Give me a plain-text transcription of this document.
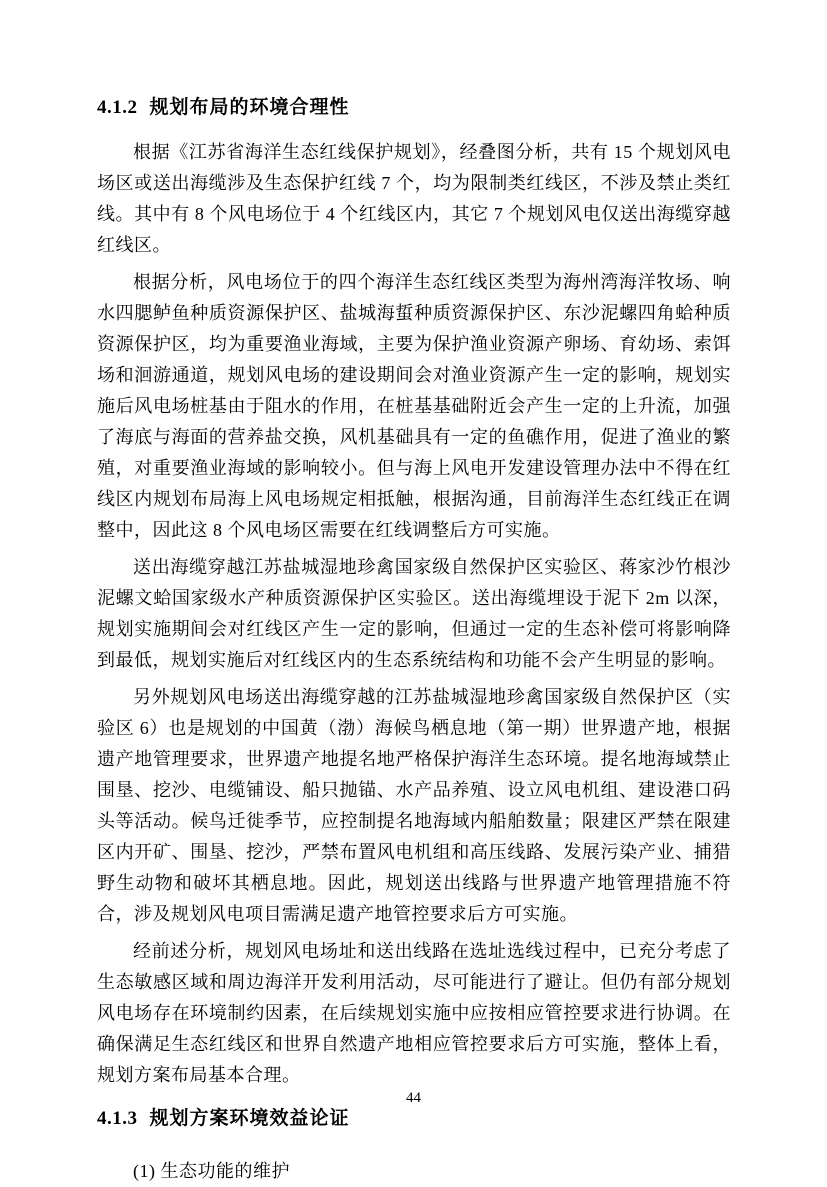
4.1.2 规划布局的环境合理性

根据《江苏省海洋生态红线保护规划》，经叠图分析，共有 15 个规划风电场区或送出海缆涉及生态保护红线 7 个，均为限制类红线区，不涉及禁止类红线。其中有 8 个风电场位于 4 个红线区内，其它 7 个规划风电仅送出海缆穿越红线区。

根据分析，风电场位于的四个海洋生态红线区类型为海州湾海洋牧场、响水四腮鲈鱼种质资源保护区、盐城海蜇种质资源保护区、东沙泥螺四角蛤种质资源保护区，均为重要渔业海域，主要为保护渔业资源产卵场、育幼场、索饵场和洄游通道，规划风电场的建设期间会对渔业资源产生一定的影响，规划实施后风电场桩基由于阻水的作用，在桩基基础附近会产生一定的上升流，加强了海底与海面的营养盐交换，风机基础具有一定的鱼礁作用，促进了渔业的繁殖，对重要渔业海域的影响较小。但与海上风电开发建设管理办法中不得在红线区内规划布局海上风电场规定相抵触，根据沟通，目前海洋生态红线正在调整中，因此这 8 个风电场区需要在红线调整后方可实施。

送出海缆穿越江苏盐城湿地珍禽国家级自然保护区实验区、蒋家沙竹根沙泥螺文蛤国家级水产种质资源保护区实验区。送出海缆埋设于泥下 2m 以深，规划实施期间会对红线区产生一定的影响，但通过一定的生态补偿可将影响降到最低，规划实施后对红线区内的生态系统结构和功能不会产生明显的影响。

另外规划风电场送出海缆穿越的江苏盐城湿地珍禽国家级自然保护区（实验区 6）也是规划的中国黄（渤）海候鸟栖息地（第一期）世界遗产地，根据遗产地管理要求，世界遗产地提名地严格保护海洋生态环境。提名地海域禁止围垦、挖沙、电缆铺设、船只抛锚、水产品养殖、设立风电机组、建设港口码头等活动。候鸟迁徙季节，应控制提名地海域内船舶数量；限建区严禁在限建区内开矿、围垦、挖沙，严禁布置风电机组和高压线路、发展污染产业、捕猎野生动物和破坏其栖息地。因此，规划送出线路与世界遗产地管理措施不符合，涉及规划风电项目需满足遗产地管控要求后方可实施。

经前述分析，规划风电场址和送出线路在选址选线过程中，已充分考虑了生态敏感区域和周边海洋开发利用活动，尽可能进行了避让。但仍有部分规划风电场存在环境制约因素，在后续规划实施中应按相应管控要求进行协调。在确保满足生态红线区和世界自然遗产地相应管控要求后方可实施，整体上看，规划方案布局基本合理。

4.1.3 规划方案环境效益论证

(1) 生态功能的维护

44
